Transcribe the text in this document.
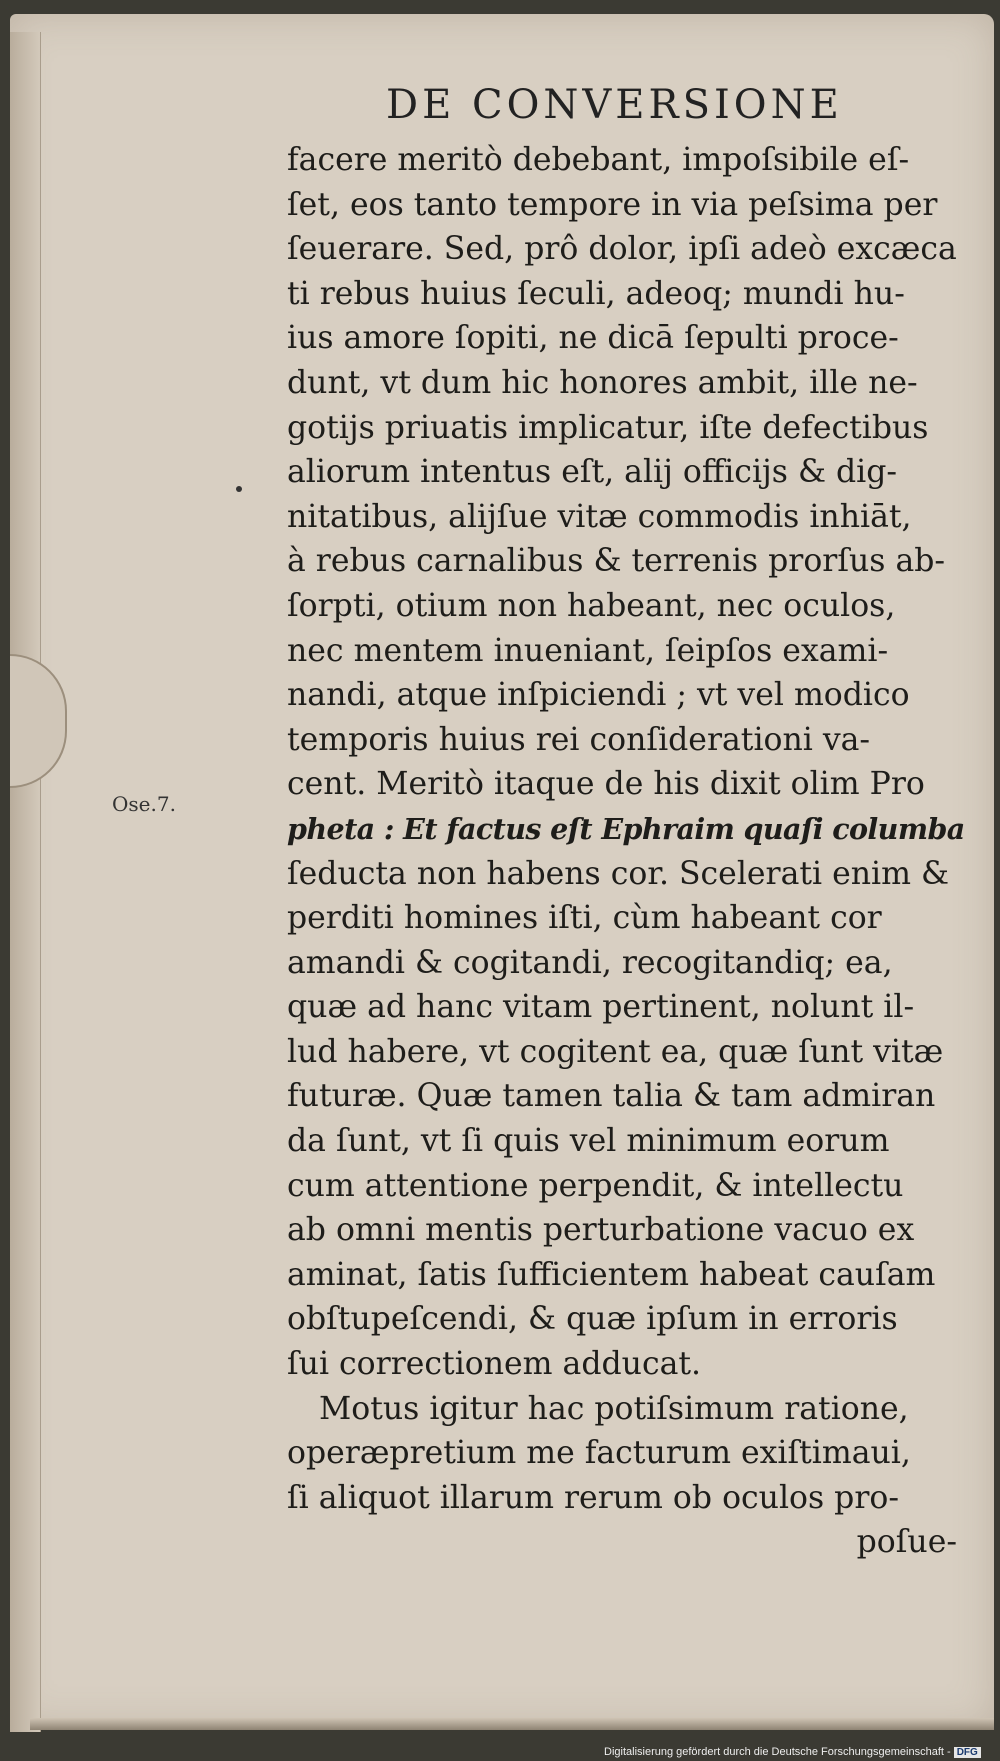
DE CONVERSIONE
Ose.7.
facere meritò debebant, impoſsibile eſ-
ſet, eos tanto tempore in via peſsima per
ſeuerare. Sed, prô dolor, ipſi adeò excæca
ti rebus huius ſeculi, adeoq; mundi hu-
ius amore ſopiti, ne dicā ſepulti proce-
dunt, vt dum hic honores ambit, ille ne-
gotijs priuatis implicatur, iſte defectibus
aliorum intentus eſt, alij officijs & dig-
nitatibus, alijſue vitæ commodis inhiāt,
à rebus carnalibus & terrenis prorſus ab-
ſorpti, otium non habeant, nec oculos,
nec mentem inueniant, ſeipſos exami-
nandi, atque inſpiciendi ; vt vel modico
temporis huius rei conſiderationi va-
cent. Meritò itaque de his dixit olim Pro
pheta : Et factus eſt Ephraim quaſi columba
ſeducta non habens cor. Scelerati enim &
perditi homines iſti, cùm habeant cor
amandi & cogitandi, recogitandiq; ea,
quæ ad hanc vitam pertinent, nolunt il-
lud habere, vt cogitent ea, quæ ſunt vitæ
futuræ. Quæ tamen talia & tam admiran
da ſunt, vt ſi quis vel minimum eorum
cum attentione perpendit, & intellectu
ab omni mentis perturbatione vacuo ex
aminat, ſatis ſufficientem habeat cauſam
obſtupeſcendi, & quæ ipſum in erroris
ſui correctionem adducat.
Motus igitur hac potiſsimum ratione,
operæpretium me facturum exiſtimaui,
ſi aliquot illarum rerum ob oculos pro-
poſue-
Digitalisierung gefördert durch die Deutsche Forschungsgemeinschaft - DFG
